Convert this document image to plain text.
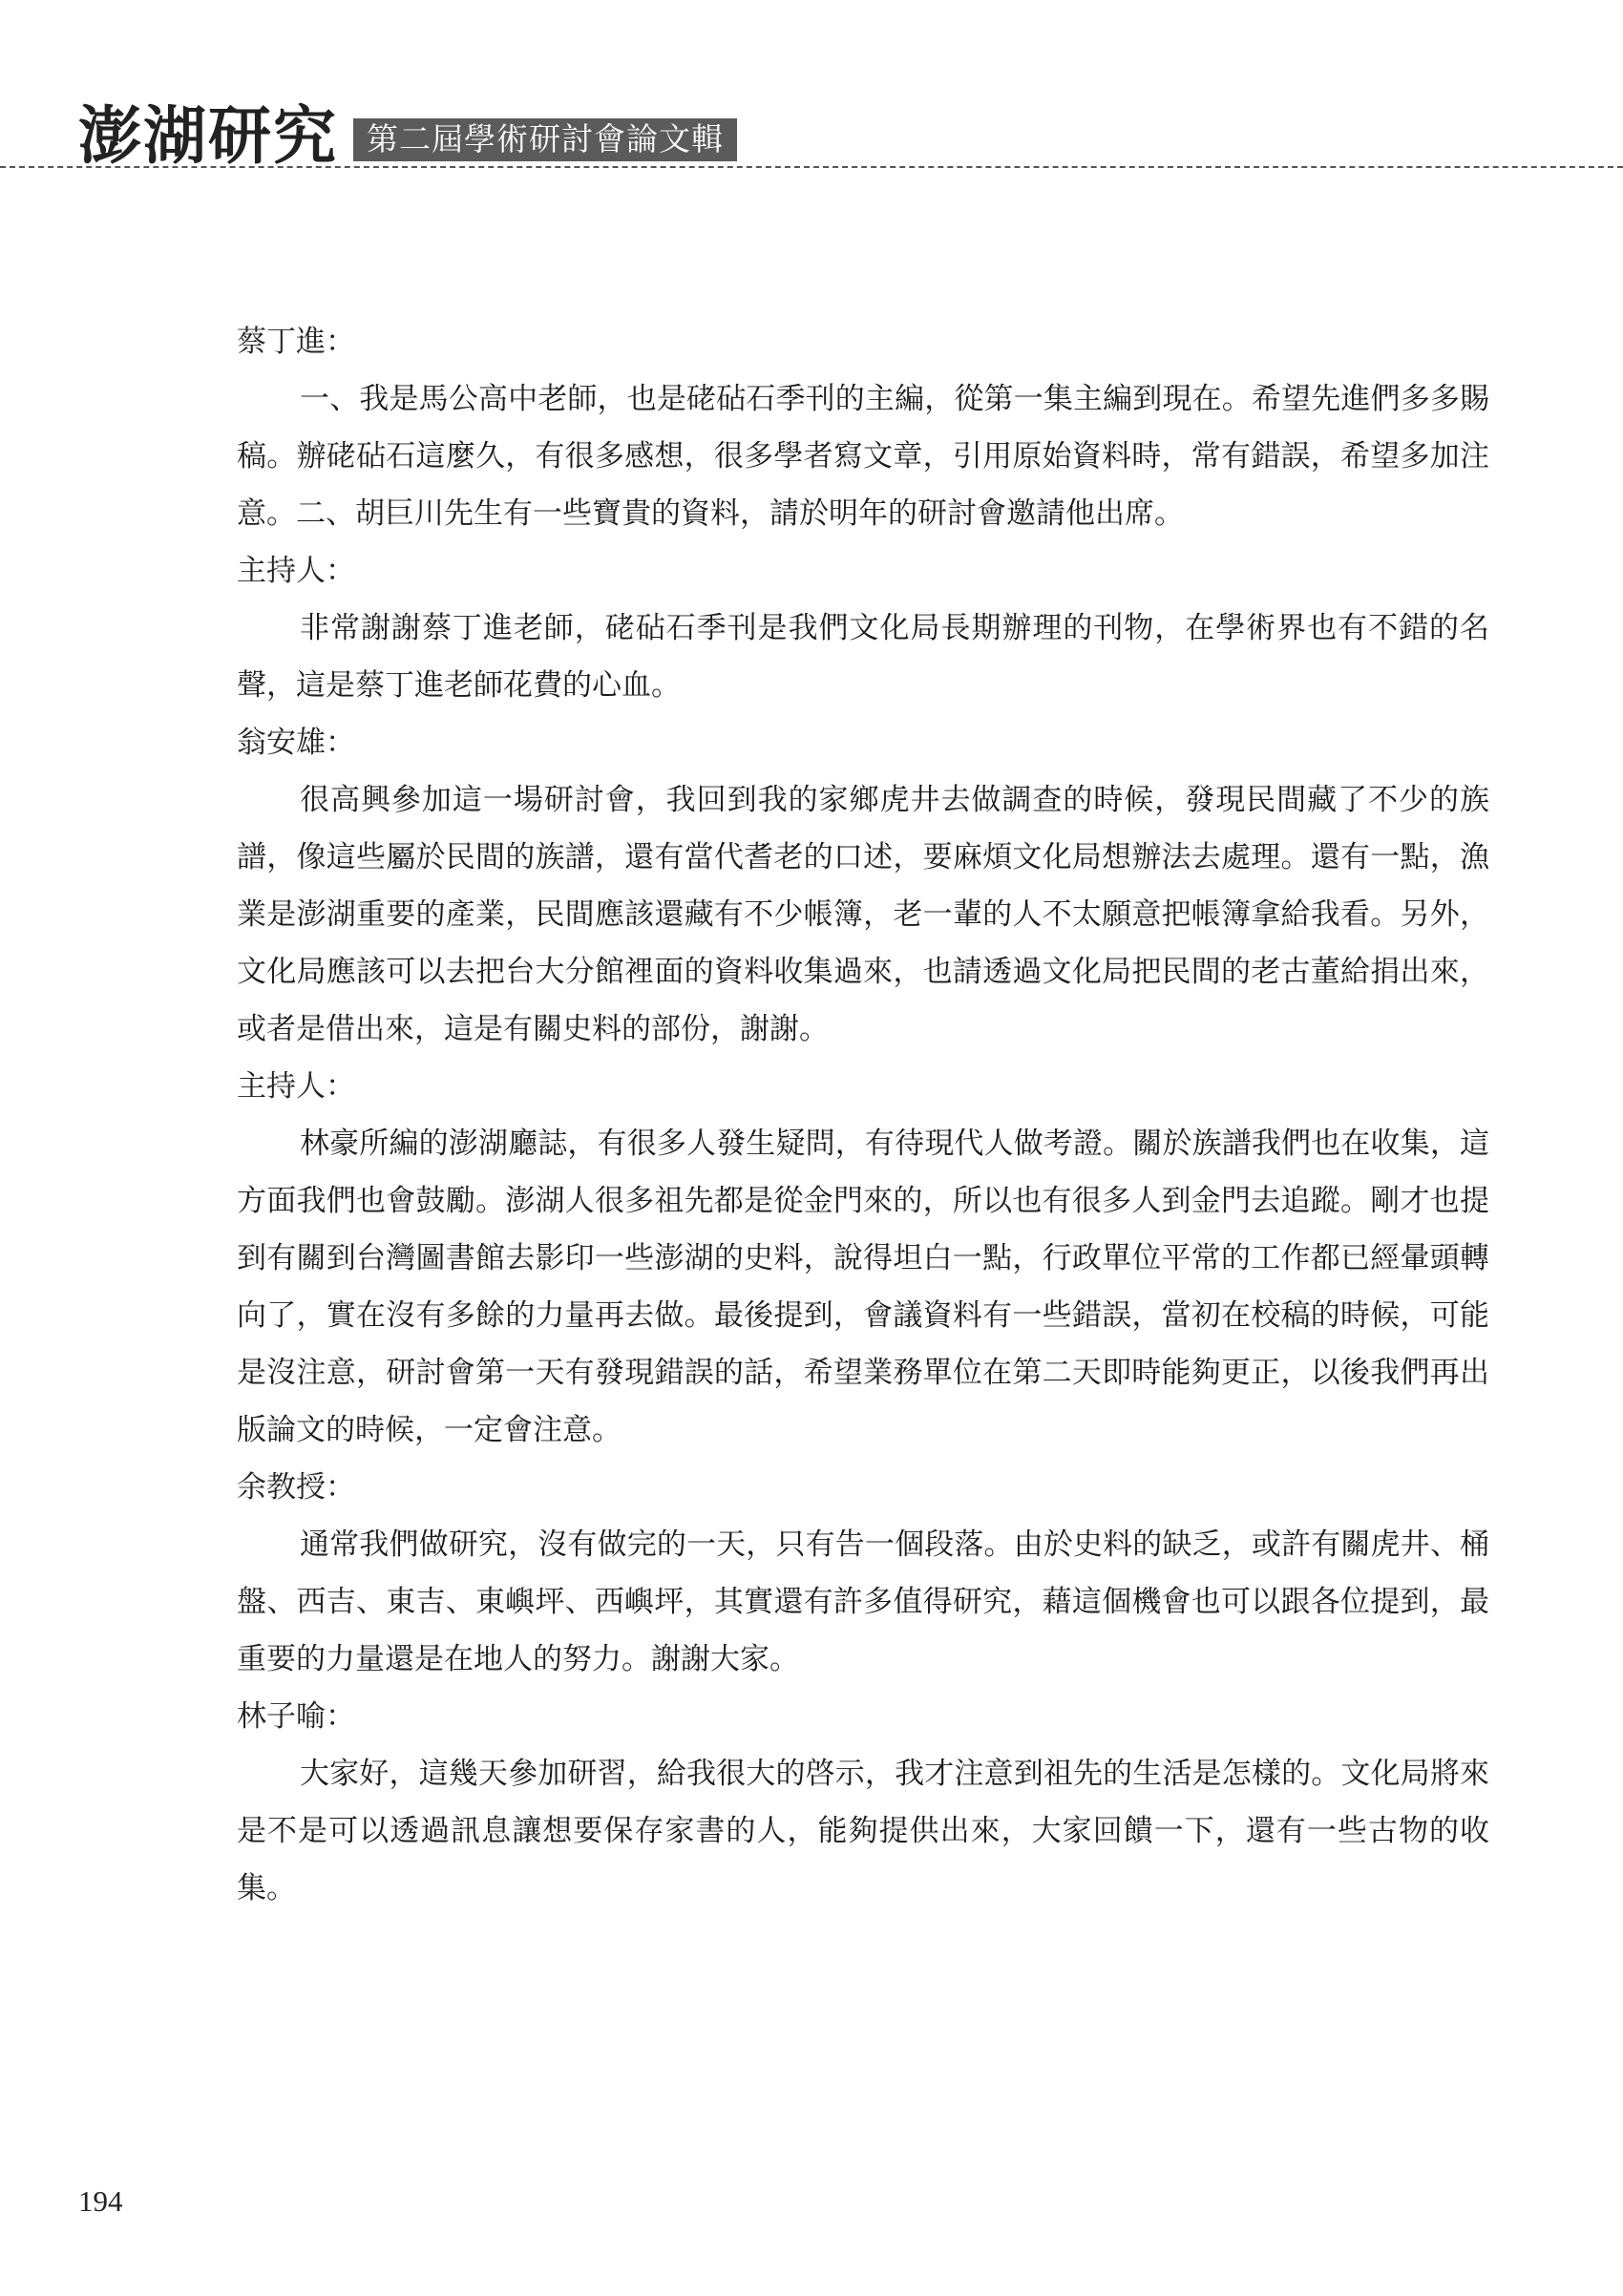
澎湖研究 第二屆學術研討會論文輯

蔡丁進：

一、我是馬公高中老師，也是硓砧石季刊的主編，從第一集主編到現在。希望先進們多多賜稿。辦硓砧石這麼久，有很多感想，很多學者寫文章，引用原始資料時，常有錯誤，希望多加注意。二、胡巨川先生有一些寶貴的資料，請於明年的研討會邀請他出席。

主持人：

非常謝謝蔡丁進老師，硓砧石季刊是我們文化局長期辦理的刊物，在學術界也有不錯的名聲，這是蔡丁進老師花費的心血。

翁安雄：

很高興參加這一場研討會，我回到我的家鄉虎井去做調查的時候，發現民間藏了不少的族譜，像這些屬於民間的族譜，還有當代耆老的口述，要麻煩文化局想辦法去處理。還有一點，漁業是澎湖重要的產業，民間應該還藏有不少帳簿，老一輩的人不太願意把帳簿拿給我看。另外，文化局應該可以去把台大分館裡面的資料收集過來，也請透過文化局把民間的老古董給捐出來，或者是借出來，這是有關史料的部份，謝謝。

主持人：

林豪所編的澎湖廳誌，有很多人發生疑問，有待現代人做考證。關於族譜我們也在收集，這方面我們也會鼓勵。澎湖人很多祖先都是從金門來的，所以也有很多人到金門去追蹤。剛才也提到有關到台灣圖書館去影印一些澎湖的史料，說得坦白一點，行政單位平常的工作都已經暈頭轉向了，實在沒有多餘的力量再去做。最後提到，會議資料有一些錯誤，當初在校稿的時候，可能是沒注意，研討會第一天有發現錯誤的話，希望業務單位在第二天即時能夠更正，以後我們再出版論文的時候，一定會注意。

余教授：

通常我們做研究，沒有做完的一天，只有告一個段落。由於史料的缺乏，或許有關虎井、桶盤、西吉、東吉、東嶼坪、西嶼坪，其實還有許多值得研究，藉這個機會也可以跟各位提到，最重要的力量還是在地人的努力。謝謝大家。

林子喻：

大家好，這幾天參加研習，給我很大的啓示，我才注意到祖先的生活是怎樣的。文化局將來是不是可以透過訊息讓想要保存家書的人，能夠提供出來，大家回饋一下，還有一些古物的收集。

194
